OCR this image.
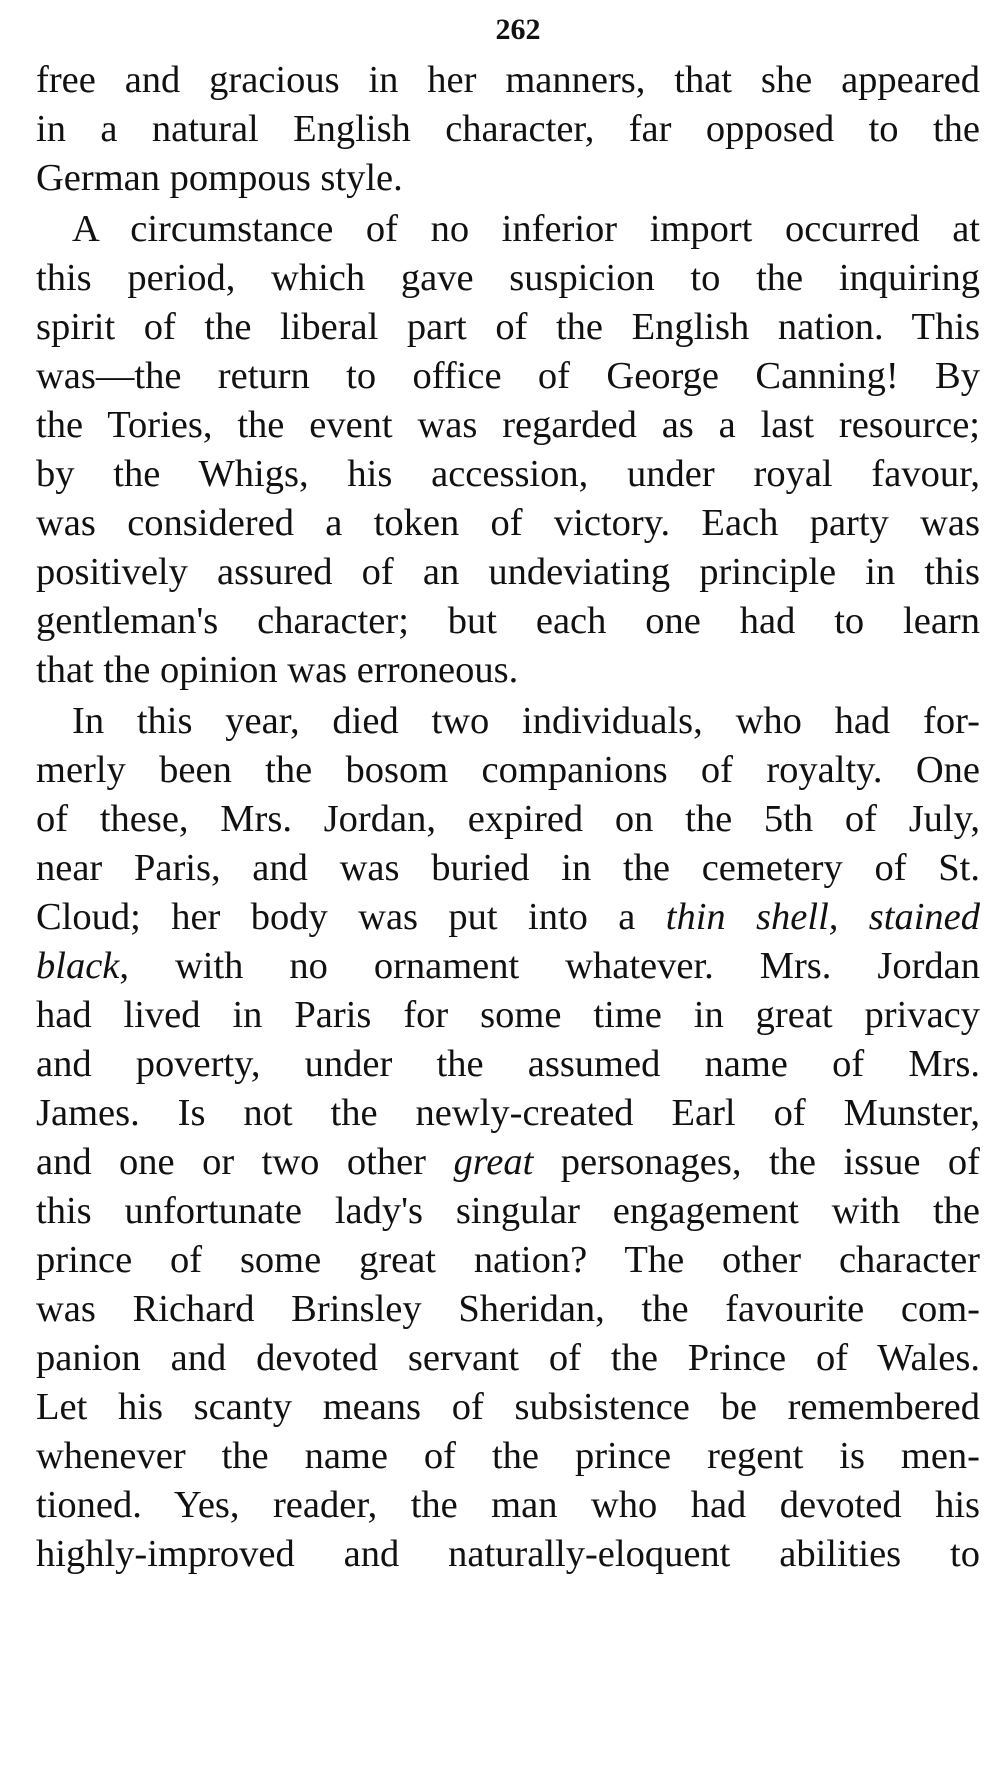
262
free and gracious in her manners, that she appeared
in a natural English character, far opposed to the
German pompous style.
A circumstance of no inferior import occurred at
this period, which gave suspicion to the inquiring
spirit of the liberal part of the English nation. This
was—the return to office of George Canning! By
the Tories, the event was regarded as a last resource;
by the Whigs, his accession, under royal favour,
was considered a token of victory. Each party was
positively assured of an undeviating principle in this
gentleman's character; but each one had to learn
that the opinion was erroneous.
In this year, died two individuals, who had for-
merly been the bosom companions of royalty. One
of these, Mrs. Jordan, expired on the 5th of July,
near Paris, and was buried in the cemetery of St.
Cloud; her body was put into a thin shell, stained
black, with no ornament whatever. Mrs. Jordan
had lived in Paris for some time in great privacy
and poverty, under the assumed name of Mrs.
James. Is not the newly-created Earl of Munster,
and one or two other great personages, the issue of
this unfortunate lady's singular engagement with the
prince of some great nation? The other character
was Richard Brinsley Sheridan, the favourite com-
panion and devoted servant of the Prince of Wales.
Let his scanty means of subsistence be remembered
whenever the name of the prince regent is men-
tioned. Yes, reader, the man who had devoted his
highly-improved and naturally-eloquent abilities to
